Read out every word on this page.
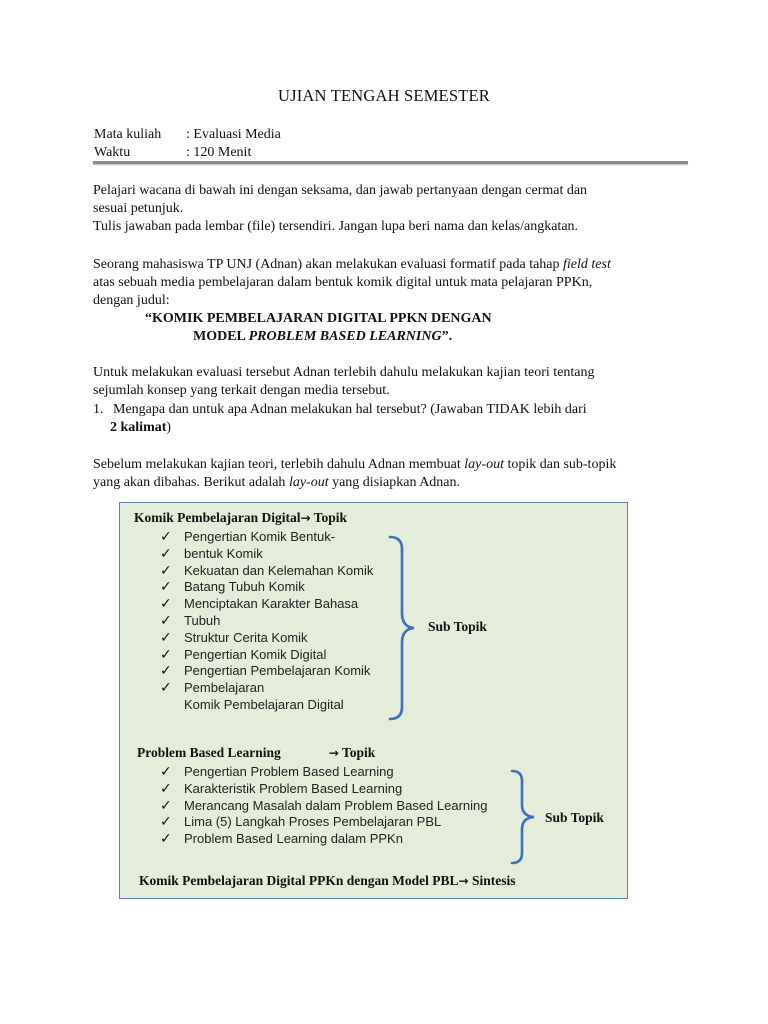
UJIAN TENGAH SEMESTER
Mata kuliah	: Evaluasi Media
Waktu	: 120 Menit
Pelajari wacana di bawah ini dengan seksama, dan jawab pertanyaan dengan cermat dan
sesuai petunjuk.
Tulis jawaban pada lembar (file) tersendiri. Jangan lupa beri nama dan kelas/angkatan.
Seorang mahasiswa TP UNJ (Adnan) akan melakukan evaluasi formatif pada tahap field test
atas sebuah media pembelajaran dalam bentuk komik digital untuk mata pelajaran PPKn,
dengan judul:
“KOMIK PEMBELAJARAN DIGITAL PPKN DENGAN
MODEL PROBLEM BASED LEARNING”.
Untuk melakukan evaluasi tersebut Adnan terlebih dahulu melakukan kajian teori tentang
sejumlah konsep yang terkait dengan media tersebut.
1. Mengapa dan untuk apa Adnan melakukan hal tersebut? (Jawaban TIDAK lebih dari
2 kalimat)
Sebelum melakukan kajian teori, terlebih dahulu Adnan membuat lay-out topik dan sub-topik
yang akan dibahas. Berikut adalah lay-out yang disiapkan Adnan.
Komik Pembelajaran Digital→ Topik
✓ Pengertian Komik Bentuk-
✓ bentuk Komik
✓ Kekuatan dan Kelemahan Komik
✓ Batang Tubuh Komik
✓ Menciptakan Karakter Bahasa
✓ Tubuh
✓ Struktur Cerita Komik
✓ Pengertian Komik Digital
✓ Pengertian Pembelajaran Komik
✓ Pembelajaran
Komik Pembelajaran Digital
Sub Topik
Problem Based Learning	→ Topik
✓ Pengertian Problem Based Learning
✓ Karakteristik Problem Based Learning
✓ Merancang Masalah dalam Problem Based Learning
✓ Lima (5) Langkah Proses Pembelajaran PBL
✓ Problem Based Learning dalam PPKn
Sub Topik
Komik Pembelajaran Digital PPKn dengan Model PBL→ Sintesis
